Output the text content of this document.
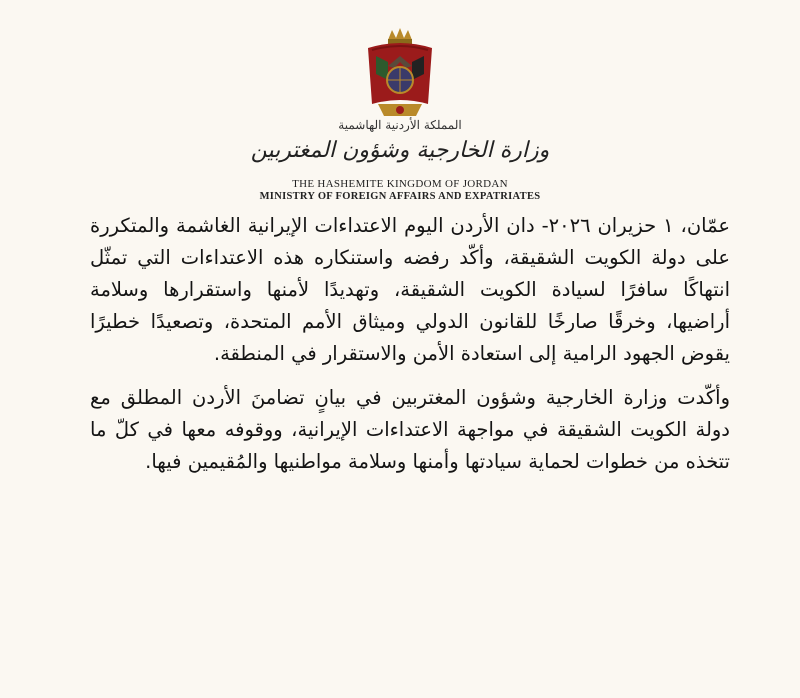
المملكة الأردنية الهاشمية
وزارة الخارجية وشؤون المغتربين
THE HASHEMITE KINGDOM OF JORDAN
MINISTRY OF FOREIGN AFFAIRS AND EXPATRIATES

عمّان، ١ حزيران ٢٠٢٦- دان الأردن اليوم الاعتداءات الإيرانية الغاشمة والمتكررة على دولة الكويت الشقيقة، وأكّد رفضه واستنكاره هذه الاعتداءات التي تمثّل انتهاكًا سافرًا لسيادة الكويت الشقيقة، وتهديدًا لأمنها واستقرارها وسلامة أراضيها، وخرقًا صارخًا للقانون الدولي وميثاق الأمم المتحدة، وتصعيدًا خطيرًا يقوض الجهود الرامية إلى استعادة الأمن والاستقرار في المنطقة.

وأكّدت وزارة الخارجية وشؤون المغتربين في بيانٍ تضامنَ الأردن المطلق مع دولة الكويت الشقيقة في مواجهة الاعتداءات الإيرانية، ووقوفه معها في كلّ ما تتخذه من خطوات لحماية سيادتها وأمنها وسلامة مواطنيها والمُقيمين فيها.
